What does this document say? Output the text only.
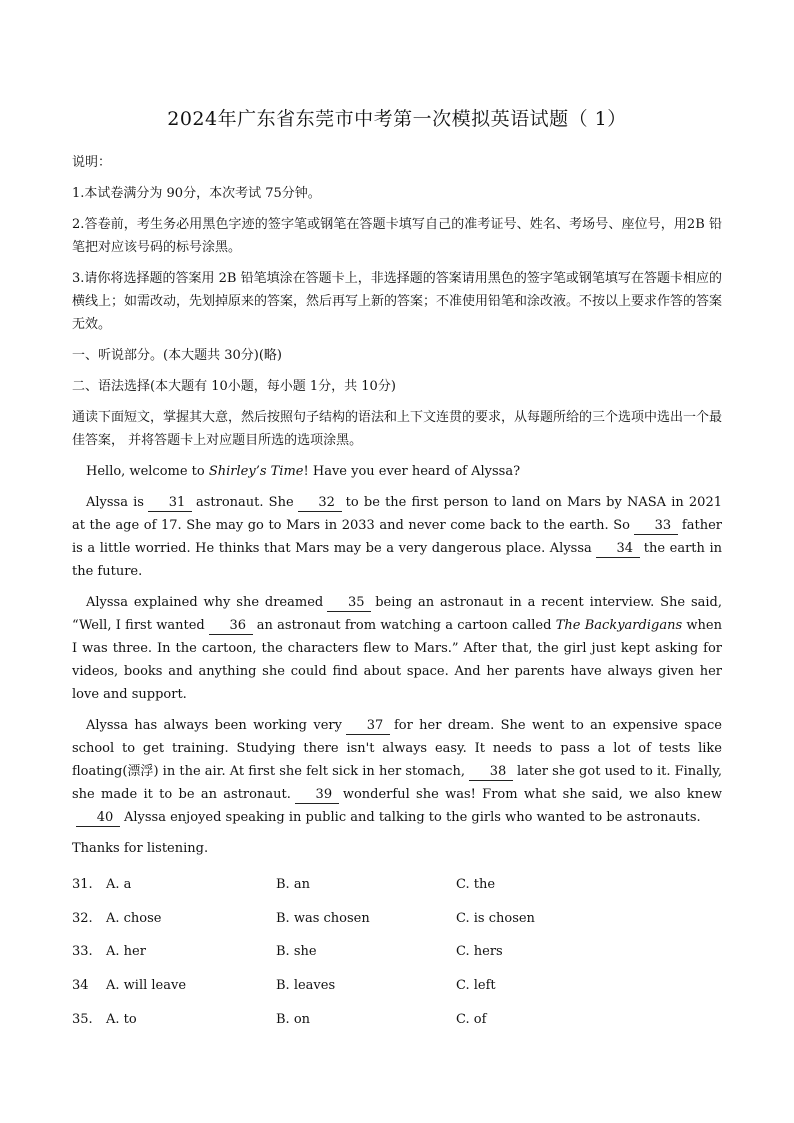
2024年广东省东莞市中考第一次模拟英语试题（ 1）

说明：

1.本试卷满分为 90分，本次考试 75分钟。

2.答卷前，考生务必用黑色字迹的签字笔或钢笔在答题卡填写自己的准考证号、姓名、考场号、座位号，用2B 铅笔把对应该号码的标号涂黑。

3.请你将选择题的答案用 2B 铅笔填涂在答题卡上，非选择题的答案请用黑色的签字笔或钢笔填写在答题卡相应的横线上；如需改动，先划掉原来的答案，然后再写上新的答案；不准使用铅笔和涂改液。不按以上要求作答的答案无效。

一、听说部分。(本大题共 30分)(略)

二、语法选择(本大题有 10小题，每小题 1分，共 10分)

通读下面短文，掌握其大意，然后按照句子结构的语法和上下文连贯的要求，从每题所给的三个选项中选出一个最佳答案， 并将答题卡上对应题目所选的选项涂黑。

Hello, welcome to Shirley’s Time! Have you ever heard of Alyssa?

Alyssa is 31 astronaut. She 32 to be the first person to land on Mars by NASA in 2021 at the age of 17. She may go to Mars in 2033 and never come back to the earth. So 33 father is a little worried. He thinks that Mars may be a very dangerous place. Alyssa 34 the earth in the future.

Alyssa explained why she dreamed 35 being an astronaut in a recent interview. She said, “Well, I first wanted 36 an astronaut from watching a cartoon called The Backyardigans when I was three. In the cartoon, the characters flew to Mars.” After that, the girl just kept asking for videos, books and anything she could find about space. And her parents have always given her love and support.

Alyssa has always been working very 37 for her dream. She went to an expensive space school to get training. Studying there isn't always easy. It needs to pass a lot of tests like floating(漂浮) in the air. At first she felt sick in her stomach, 38 later she got used to it. Finally, she made it to be an astronaut. 39 wonderful she was! From what she said, we also knew40 Alyssa enjoyed speaking in public and talking to the girls who wanted to be astronauts.

Thanks for listening.

31.	A. a	B. an	C. the
32.	A. chose	B. was chosen	C. is chosen
33.	A. her	B. she	C. hers
34	A. will leave	B. leaves	C. left
35.	A. to	B. on	C. of
